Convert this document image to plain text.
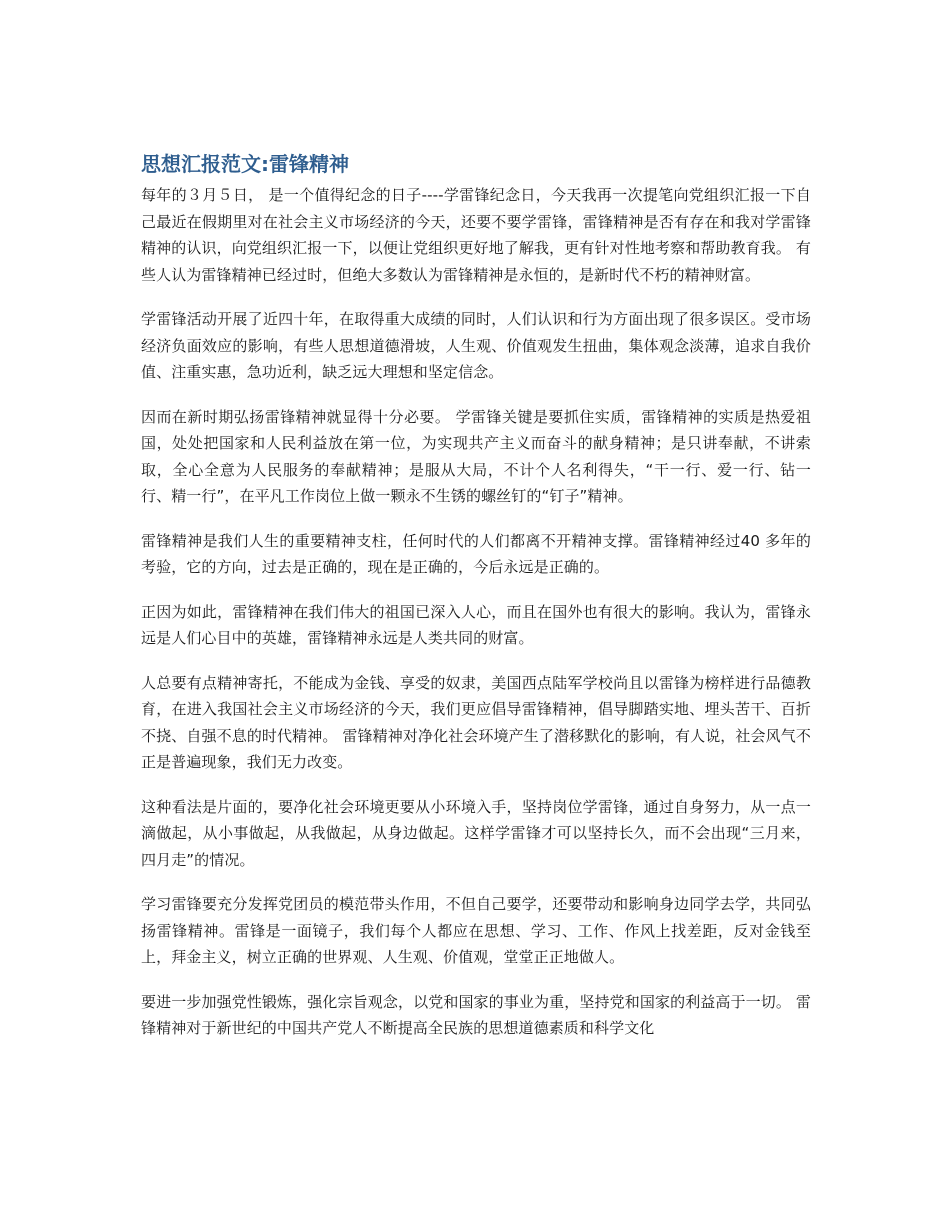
思想汇报范文:雷锋精神

每年的３月５日， 是一个值得纪念的日子----学雷锋纪念日，今天我再一次提笔向党组织汇报一下自己最近在假期里对在社会主义市场经济的今天，还要不要学雷锋，雷锋精神是否有存在和我对学雷锋精神的认识，向党组织汇报一下，以便让党组织更好地了解我，更有针对性地考察和帮助教育我。 有些人认为雷锋精神已经过时，但绝大多数认为雷锋精神是永恒的，是新时代不朽的精神财富。

学雷锋活动开展了近四十年，在取得重大成绩的同时，人们认识和行为方面出现了很多误区。受市场经济负面效应的影响，有些人思想道德滑坡，人生观、价值观发生扭曲，集体观念淡薄，追求自我价值、注重实惠，急功近利，缺乏远大理想和坚定信念。

因而在新时期弘扬雷锋精神就显得十分必要。 学雷锋关键是要抓住实质，雷锋精神的实质是热爱祖国，处处把国家和人民利益放在第一位，为实现共产主义而奋斗的献身精神；是只讲奉献，不讲索取，全心全意为人民服务的奉献精神；是服从大局，不计个人名利得失，“干一行、爱一行、钻一行、精一行”，在平凡工作岗位上做一颗永不生锈的螺丝钉的“钉子”精神。

雷锋精神是我们人生的重要精神支柱，任何时代的人们都离不开精神支撑。雷锋精神经过40 多年的考验，它的方向，过去是正确的，现在是正确的，今后永远是正确的。

正因为如此，雷锋精神在我们伟大的祖国已深入人心，而且在国外也有很大的影响。我认为，雷锋永远是人们心目中的英雄，雷锋精神永远是人类共同的财富。

人总要有点精神寄托，不能成为金钱、享受的奴隶，美国西点陆军学校尚且以雷锋为榜样进行品德教育，在进入我国社会主义市场经济的今天，我们更应倡导雷锋精神，倡导脚踏实地、埋头苦干、百折不挠、自强不息的时代精神。 雷锋精神对净化社会环境产生了潜移默化的影响，有人说，社会风气不正是普遍现象，我们无力改变。

这种看法是片面的，要净化社会环境更要从小环境入手，坚持岗位学雷锋，通过自身努力，从一点一滴做起，从小事做起，从我做起，从身边做起。这样学雷锋才可以坚持长久，而不会出现“三月来，四月走”的情况。

学习雷锋要充分发挥党团员的模范带头作用，不但自己要学，还要带动和影响身边同学去学，共同弘扬雷锋精神。雷锋是一面镜子，我们每个人都应在思想、学习、工作、作风上找差距，反对金钱至上，拜金主义，树立正确的世界观、人生观、价值观，堂堂正正地做人。

要进一步加强党性锻炼，强化宗旨观念，以党和国家的事业为重，坚持党和国家的利益高于一切。 雷锋精神对于新世纪的中国共产党人不断提高全民族的思想道德素质和科学文化
